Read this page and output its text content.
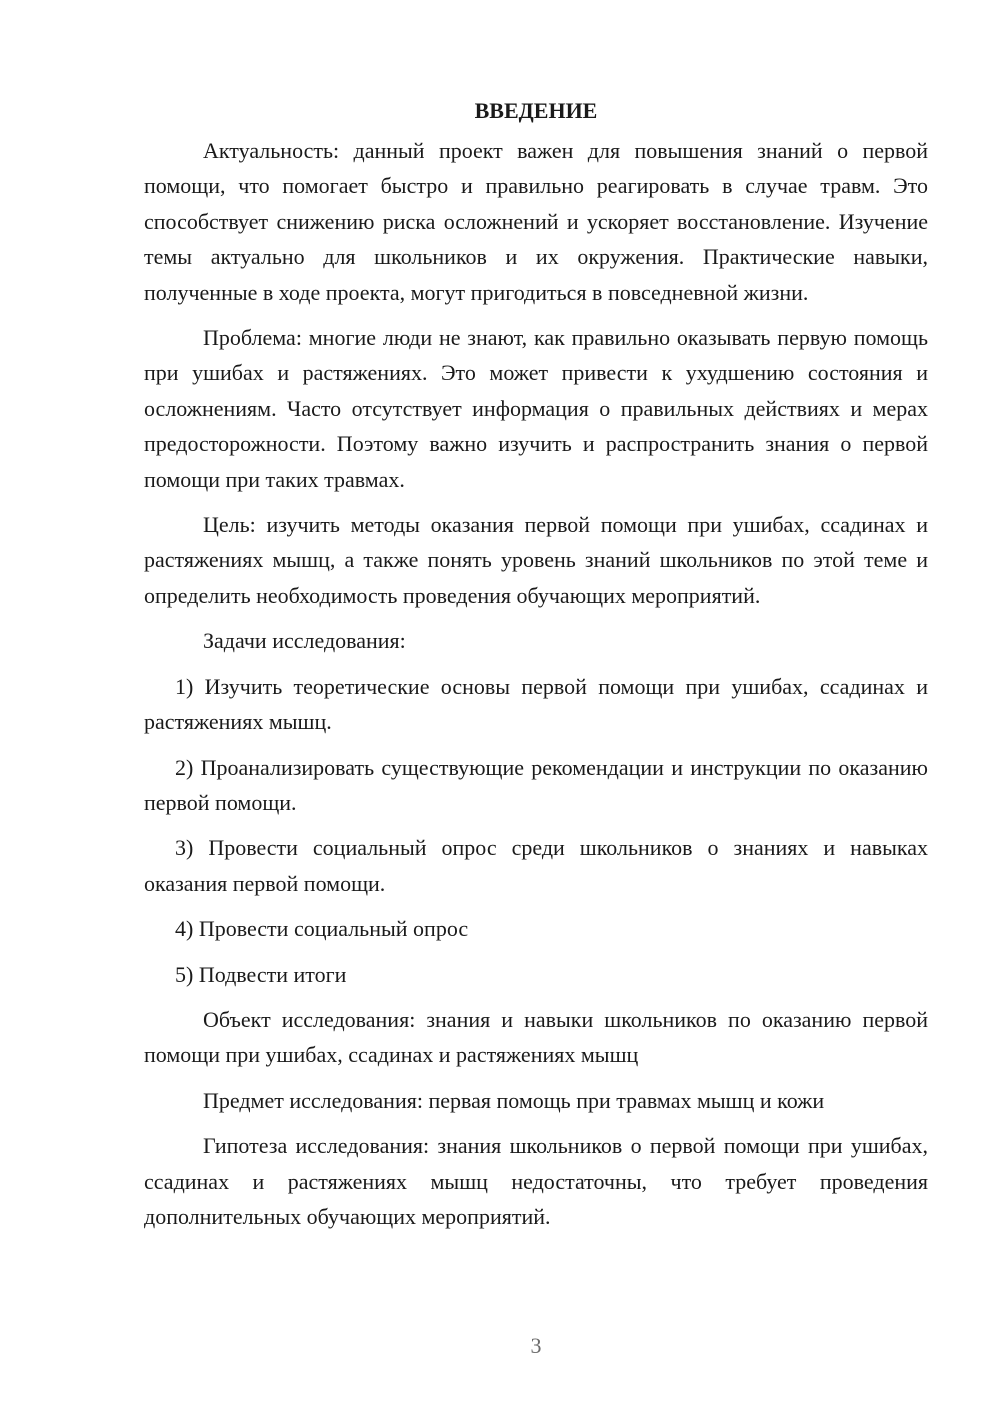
ВВЕДЕНИЕ

Актуальность: данный проект важен для повышения знаний о первой помощи, что помогает быстро и правильно реагировать в случае травм. Это способствует снижению риска осложнений и ускоряет восстановление. Изучение темы актуально для школьников и их окружения. Практические навыки, полученные в ходе проекта, могут пригодиться в повседневной жизни.

Проблема: многие люди не знают, как правильно оказывать первую помощь при ушибах и растяжениях. Это может привести к ухудшению состояния и осложнениям. Часто отсутствует информация о правильных действиях и мерах предосторожности. Поэтому важно изучить и распространить знания о первой помощи при таких травмах.

Цель: изучить методы оказания первой помощи при ушибах, ссадинах и растяжениях мышц, а также понять уровень знаний школьников по этой теме и определить необходимость проведения обучающих мероприятий.

Задачи исследования:

1) Изучить теоретические основы первой помощи при ушибах, ссадинах и растяжениях мышц.

2) Проанализировать существующие рекомендации и инструкции по оказанию первой помощи.

3) Провести социальный опрос среди школьников о знаниях и навыках оказания первой помощи.

4) Провести социальный опрос

5) Подвести итоги

Объект исследования: знания и навыки школьников по оказанию первой помощи при ушибах, ссадинах и растяжениях мышц

Предмет исследования: первая помощь при травмах мышц и кожи

Гипотеза исследования: знания школьников о первой помощи при ушибах, ссадинах и растяжениях мышц недостаточны, что требует проведения дополнительных обучающих мероприятий.

3
